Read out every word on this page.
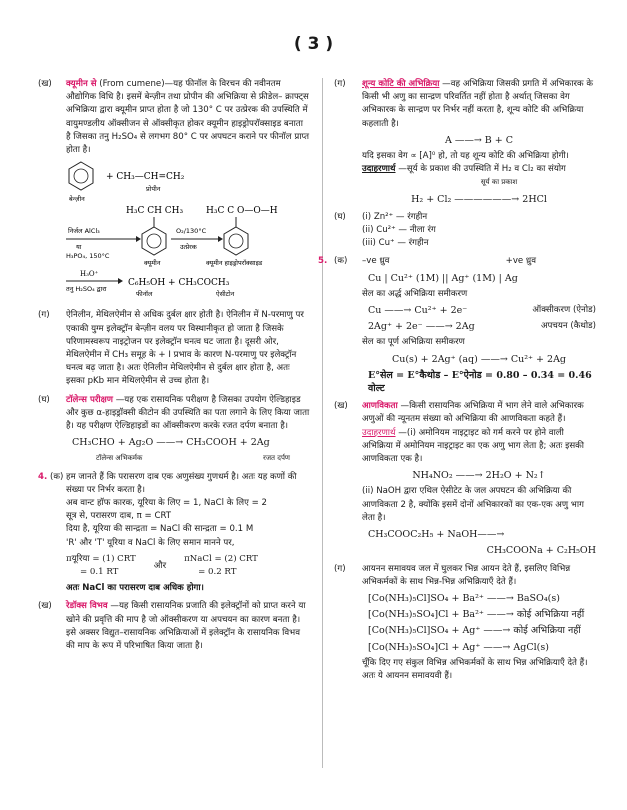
( 3 )
(ख) क्यूमीन से (From cumene)—यह फीनॉल के विरचन की नवीनतम औद्योगिक विधि है। इसमें बेन्ज़ीन तथा प्रोपीन की अभिक्रिया से फ्रीडेल– क्राफ्ट्स अभिक्रिया द्वारा क्यूमीन प्राप्त होता है जो 130° C पर उत्प्रेरक की उपस्थिति में वायुमण्डलीय ऑक्सीजन से ऑक्सीकृत होकर क्यूमीन हाइड्रोपरॉक्साइड बनाता है जिसका तनु H₂SO₄ से लगभग 80° C पर अपघटन कराने पर फीनॉल प्राप्त होता है।
+ CH₃—CH=CH₂
बेन्ज़ीन
प्रोपीन
H₃C CH CH₃	H₃C C O—O—H
निर्जल AlCl₃
या
H₃PO₄, 150°C
O₂/130°C
उत्प्रेरक
क्यूमीन	क्यूमीन हाइड्रोपरॉक्साइड
H₃O⁺
तनु H₂SO₄ द्वारा
C₆H₅OH + CH₃COCH₃
फीनॉल	ऐसीटोन
(ग) ऐनिलीन, मेथिलऐमीन से अधिक दुर्बल क्षार होती है। ऐनिलीन में N-परमाणु पर एकाकी युग्म इलेक्ट्रॉन बेन्ज़ीन वलय पर विस्थानीकृत हो जाता है जिसके परिणामस्वरूप नाइट्रोजन पर इलेक्ट्रॉन घनत्व घट जाता है। दूसरी ओर, मेथिलऐमीन में CH₃ समूह के + I प्रभाव के कारण N-परमाणु पर इलेक्ट्रॉन घनत्व बढ़ जाता है। अतः ऐनिलीन मेथिलऐमीन से दुर्बल क्षार होता है, अतः इसका pKb मान मेथिलऐमीन से उच्च होता है।
(घ) टॉलेन्स परीक्षण —यह एक रासायनिक परीक्षण है जिसका उपयोग ऐल्डिहाइड और कुछ α-हाइड्रॉक्सी कीटोन की उपस्थिति का पता लगाने के लिए किया जाता है। यह परीक्षण ऐल्डिहाइडों का ऑक्सीकरण करके रजत दर्पण बनाता है।
CH₃CHO + Ag₂O ——→ CH₃COOH + 2Ag
टॉलेन्स अभिकर्मक	रजत दर्पण
4. (क) हम जानते हैं कि परासरण दाब एक अणुसंख्य गुणधर्म है। अतः यह कणों की संख्या पर निर्भर करता है।
अब वान्ट हॉफ कारक, यूरिया के लिए = 1, NaCl के लिए = 2
सूत्र से, परासरण दाब, π = CRT
दिया है, यूरिया की सान्द्रता = NaCl की सान्द्रता = 0.1 M
'R' और 'T' यूरिया व NaCl के लिए समान मानने पर,
πयूरिया = (1) CRT
= 0.1 RT
और
πNaCl = (2) CRT
= 0.2 RT
अतः NaCl का परासरण दाब अधिक होगा।
(ख) रेडॉक्स विभव —यह किसी रासायनिक प्रजाति की इलेक्ट्रॉनों को प्राप्त करने या खोने की प्रवृत्ति की माप है जो ऑक्सीकरण या अपचयन का कारण बनता है। इसे अक्सर विद्युत–रासायनिक अभिक्रियाओं में इलेक्ट्रॉन के रासायनिक विभव की माप के रूप में परिभाषित किया जाता है।
(ग) शून्य कोटि की अभिक्रिया —वह अभिक्रिया जिसकी प्रगति में अभिकारक के किसी भी अणु का सान्द्रण परिवर्तित नहीं होता है अर्थात् जिसका वेग अभिकारक के सान्द्रण पर निर्भर नहीं करता है, शून्य कोटि की अभिक्रिया कहलाती है।
A ——→ B + C
यदि इसका वेग ∝ [A]⁰ हो, तो यह शून्य कोटि की अभिक्रिया होगी।
उदाहरणार्थ —सूर्य के प्रकाश की उपस्थिति में H₂ व Cl₂ का संयोग
सूर्य का प्रकाश
H₂ + Cl₂ ——————→ 2HCl
(घ) (i) Zn²⁺ — रंगहीन
(ii) Cu²⁺ — नीला रंग
(iii) Cu⁺ — रंगहीन
5. (क) –ve ध्रुव	+ve ध्रुव
Cu | Cu²⁺ (1M) || Ag⁺ (1M) | Ag
सेल का अर्द्ध अभिक्रिया समीकरण
Cu ——→ Cu²⁺ + 2e⁻	ऑक्सीकरण (ऐनोड)
2Ag⁺ + 2e⁻ ——→ 2Ag	अपचयन (कैथोड)
सेल का पूर्ण अभिक्रिया समीकरण
Cu(s) + 2Ag⁺ (aq) ——→ Cu²⁺ + 2Ag
E°सेल = E°कैथोड – E°ऐनोड = 0.80 – 0.34 = 0.46 वोल्ट
(ख) आणविकता —किसी रासायनिक अभिक्रिया में भाग लेने वाले अभिकारक अणुओं की न्यूनतम संख्या को अभिक्रिया की आणविकता कहते हैं।
उदाहरणार्थ —(i) अमोनियम नाइट्राइट को गर्म करने पर होने वाली अभिक्रिया में अमोनियम नाइट्राइट का एक अणु भाग लेता है; अतः इसकी आणविकता एक है।
NH₄NO₂ ——→ 2H₂O + N₂↑
(ii) NaOH द्वारा एथिल ऐसीटेट के जल अपघटन की अभिक्रिया की आणविकता 2 है, क्योंकि इसमें दोनों अभिकारकों का एक-एक अणु भाग लेता है।
CH₃COOC₂H₅ + NaOH——→
CH₃COONa + C₂H₅OH
(ग) आयनन समावयव जल में घुलकर भिन्न आयन देते हैं, इसलिए विभिन्न अभिकर्मकों के साथ भिन्न-भिन्न अभिक्रियाएँ देते हैं।
[Co(NH₃)₅Cl]SO₄ + Ba²⁺ ——→ BaSO₄(s)
[Co(NH₃)₅SO₄]Cl + Ba²⁺ ——→ कोई अभिक्रिया नहीं
[Co(NH₃)₅Cl]SO₄ + Ag⁺ ——→ कोई अभिक्रिया नहीं
[Co(NH₃)₅SO₄]Cl + Ag⁺ ——→ AgCl(s)
चूँकि दिए गए संकुल विभिन्न अभिकर्मकों के साथ भिन्न अभिक्रियाएँ देते हैं। अतः ये आयनन समावयवी हैं।
